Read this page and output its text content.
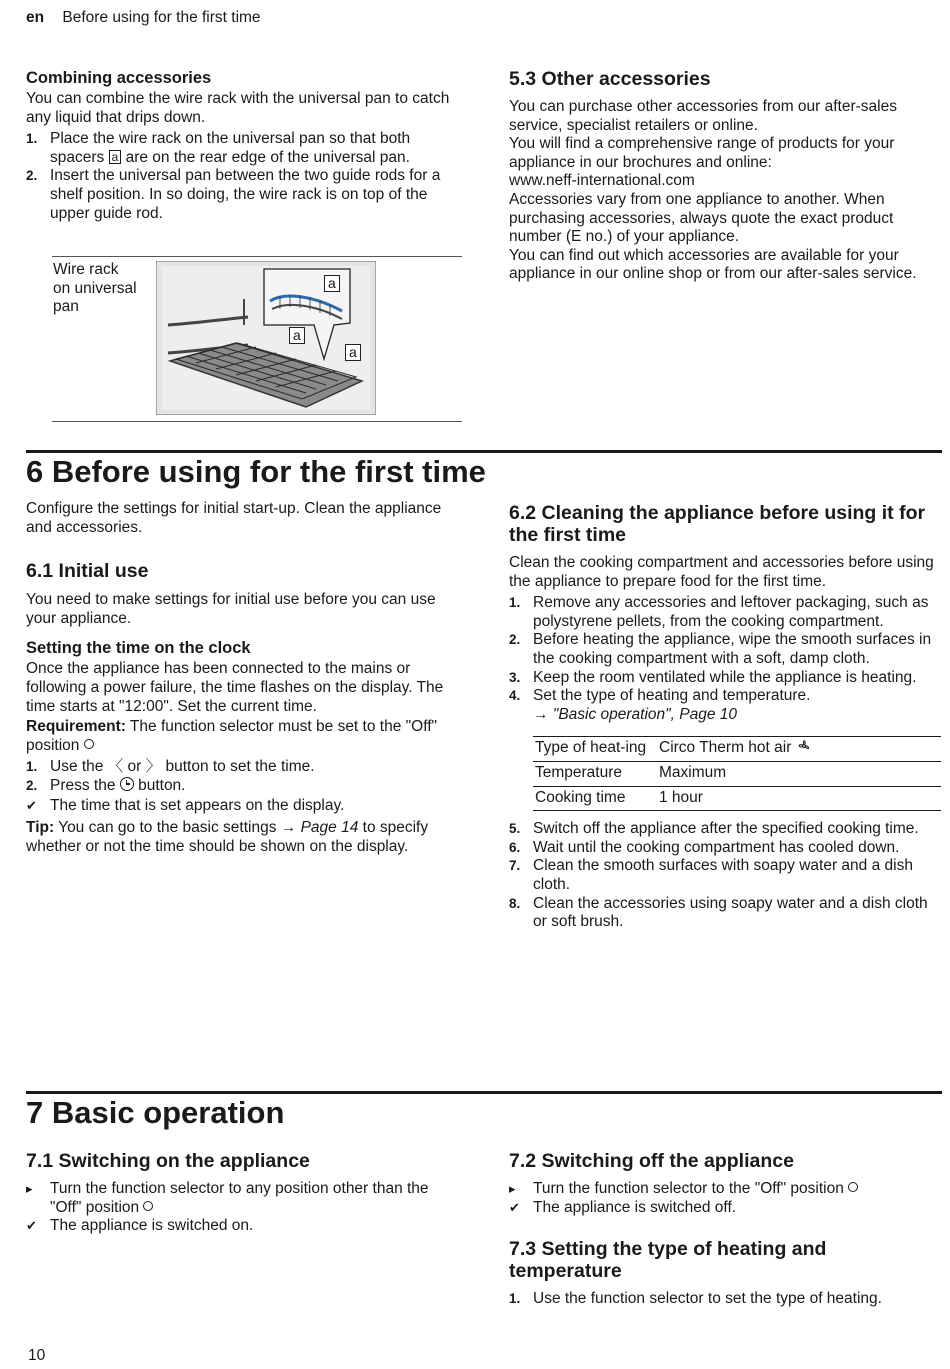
en Before using for the first time
Combining accessories

You can combine the wire rack with the universal pan to catch any liquid that drips down.

1. Place the wire rack on the universal pan so that both spacers a are on the rear edge of the universal pan.
2. Insert the universal pan between the two guide rods for a shelf position. In so doing, the wire rack is on top of the upper guide rod.
Wire rack on universal pan
a
a
a
5.3 Other accessories

You can purchase other accessories from our after-sales service, specialist retailers or online.

You will find a comprehensive range of products for your appliance in our brochures and online:

www.neff-international.com

Accessories vary from one appliance to another. When purchasing accessories, always quote the exact product number (E no.) of your appliance.

You can find out which accessories are available for your appliance in our online shop or from our after-sales service.

6 Before using for the first time

Configure the settings for initial start-up. Clean the appliance and accessories.

6.1 Initial use

You need to make settings for initial use before you can use your appliance.

Setting the time on the clock

Once the appliance has been connected to the mains or following a power failure, the time flashes on the display. The time starts at "12:00". Set the current time.

Requirement: The function selector must be set to the "Off" position

1. Use the 〈 or 〉 button to set the time.
2. Press the  button.
✔ The time that is set appears on the display.

Tip: You can go to the basic settings → Page 14 to specify whether or not the time should be shown on the display.

6.2 Cleaning the appliance before using it for the first time

Clean the cooking compartment and accessories before using the appliance to prepare food for the first time.

1. Remove any accessories and leftover packaging, such as polystyrene pellets, from the cooking compartment.
2. Before heating the appliance, wipe the smooth surfaces in the cooking compartment with a soft, damp cloth.
3. Keep the room ventilated while the appliance is heating.
4. Set the type of heating and temperature.
→ "Basic operation", Page 10
Type of heat-ing	Circo Therm hot air
Temperature	Maximum
Cooking time	1 hour
5. Switch off the appliance after the specified cooking time.
6. Wait until the cooking compartment has cooled down.
7. Clean the smooth surfaces with soapy water and a dish cloth.
8. Clean the accessories using soapy water and a dish cloth or soft brush.
7 Basic operation
7.1 Switching on the appliance
▸ Turn the function selector to any position other than the "Off" position
✔ The appliance is switched on.
7.2 Switching off the appliance
▸ Turn the function selector to the "Off" position
✔ The appliance is switched off.
7.3 Setting the type of heating and temperature
1. Use the function selector to set the type of heating.
10
